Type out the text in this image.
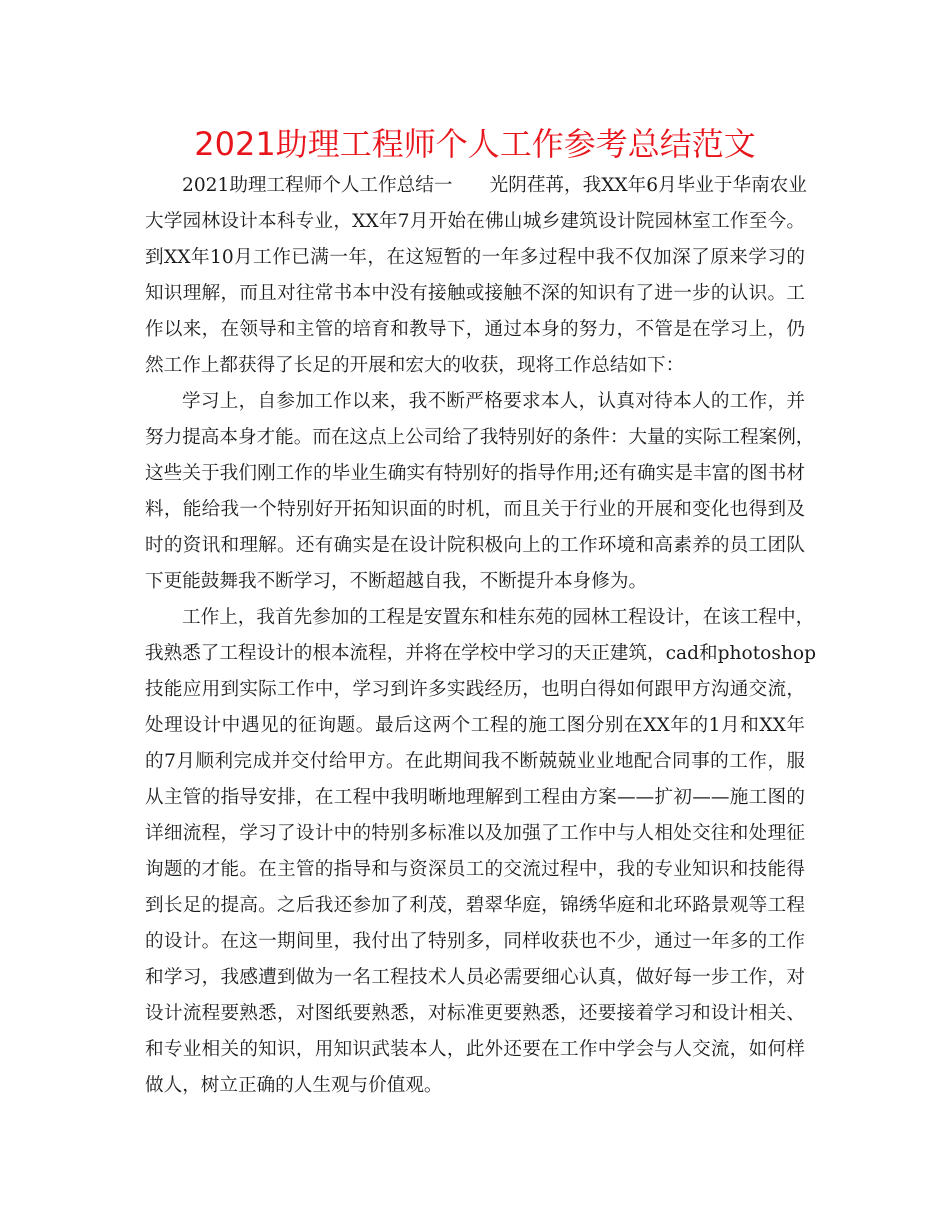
2021助理工程师个人工作参考总结范文

2021助理工程师个人工作总结一　　光阴荏苒，我XX年6月毕业于华南农业
大学园林设计本科专业，XX年7月开始在佛山城乡建筑设计院园林室工作至今。
到XX年10月工作已满一年，在这短暂的一年多过程中我不仅加深了原来学习的
知识理解，而且对往常书本中没有接触或接触不深的知识有了进一步的认识。工
作以来，在领导和主管的培育和教导下，通过本身的努力，不管是在学习上，仍
然工作上都获得了长足的开展和宏大的收获，现将工作总结如下：

学习上，自参加工作以来，我不断严格要求本人，认真对待本人的工作，并
努力提高本身才能。而在这点上公司给了我特别好的条件：大量的实际工程案例，
这些关于我们刚工作的毕业生确实有特别好的指导作用;还有确实是丰富的图书材
料，能给我一个特别好开拓知识面的时机，而且关于行业的开展和变化也得到及
时的资讯和理解。还有确实是在设计院积极向上的工作环境和高素养的员工团队
下更能鼓舞我不断学习，不断超越自我，不断提升本身修为。

工作上，我首先参加的工程是安置东和桂东苑的园林工程设计，在该工程中，
我熟悉了工程设计的根本流程，并将在学校中学习的天正建筑，cad和photoshop
技能应用到实际工作中，学习到许多实践经历，也明白得如何跟甲方沟通交流，
处理设计中遇见的征询题。最后这两个工程的施工图分别在XX年的1月和XX年
的7月顺利完成并交付给甲方。在此期间我不断兢兢业业地配合同事的工作，服
从主管的指导安排，在工程中我明晰地理解到工程由方案——扩初——施工图的
详细流程，学习了设计中的特别多标准以及加强了工作中与人相处交往和处理征
询题的才能。在主管的指导和与资深员工的交流过程中，我的专业知识和技能得
到长足的提高。之后我还参加了利茂，碧翠华庭，锦绣华庭和北环路景观等工程
的设计。在这一期间里，我付出了特别多，同样收获也不少，通过一年多的工作
和学习，我感遭到做为一名工程技术人员必需要细心认真，做好每一步工作，对
设计流程要熟悉，对图纸要熟悉，对标准更要熟悉，还要接着学习和设计相关、
和专业相关的知识，用知识武装本人，此外还要在工作中学会与人交流，如何样
做人，树立正确的人生观与价值观。
